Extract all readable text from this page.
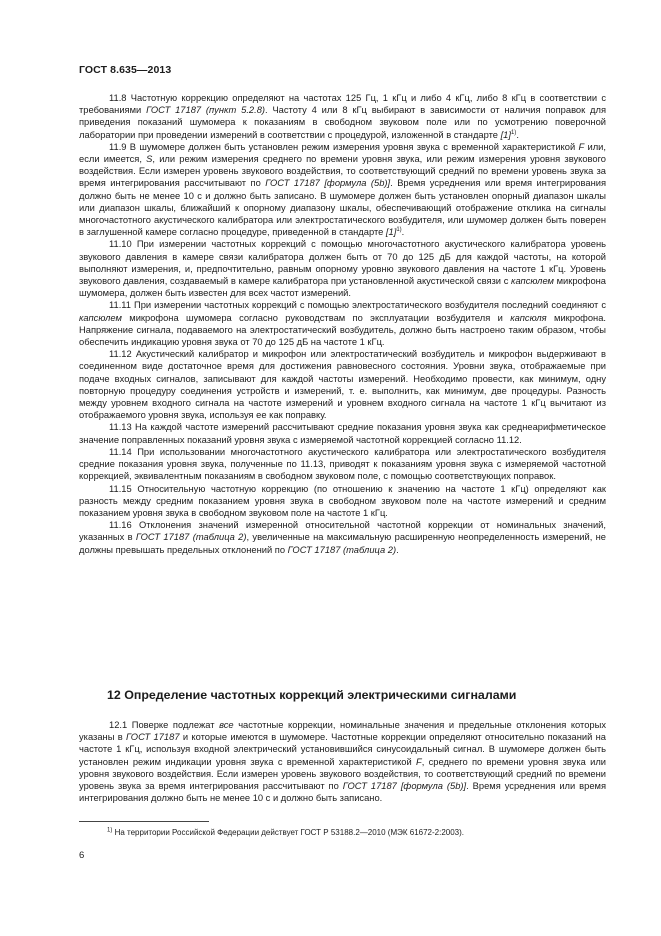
ГОСТ 8.635—2013

11.8 Частотную коррекцию определяют на частотах 125 Гц, 1 кГц и либо 4 кГц, либо 8 кГц в соответствии с требованиями ГОСТ 17187 (пункт 5.2.8). Частоту 4 или 8 кГц выбирают в зависимости от наличия поправок для приведения показаний шумомера к показаниям в свободном звуковом поле или по усмотрению поверочной лаборатории при проведении измерений в соответствии с процедурой, изложенной в стандарте $[1]^{1)}$.

11.9 В шумомере должен быть установлен режим измерения уровня звука с временной характеристикой F или, если имеется, S, или режим измерения среднего по времени уровня звука, или режим измерения уровня звукового воздействия. Если измерен уровень звукового воздействия, то соответствующий средний по времени уровень звука за время интегрирования рассчитывают по ГОСТ 17187 [формула (5b)]. Время усреднения или время интегрирования должно быть не менее 10 с и должно быть записано. В шумомере должен быть установлен опорный диапазон шкалы или диапазон шкалы, ближайший к опорному диапазону шкалы, обеспечивающий отображение отклика на сигналы многочастотного акустического калибратора или электростатического возбудителя, или шумомер должен быть поверен в заглушенной камере согласно процедуре, приведенной в стандарте $[1]^{1)}$.

11.10 При измерении частотных коррекций с помощью многочастотного акустического калибратора уровень звукового давления в камере связи калибратора должен быть от 70 до 125 дБ для каждой частоты, на которой выполняют измерения, и, предпочтительно, равным опорному уровню звукового давления на частоте 1 кГц. Уровень звукового давления, создаваемый в камере калибратора при установленной акустической связи с капсюлем микрофона шумомера, должен быть известен для всех частот измерений.

11.11 При измерении частотных коррекций с помощью электростатического возбудителя последний соединяют с капсюлем микрофона шумомера согласно руководствам по эксплуатации возбудителя и капсюля микрофона. Напряжение сигнала, подаваемого на электростатический возбудитель, должно быть настроено таким образом, чтобы обеспечить индикацию уровня звука от 70 до 125 дБ на частоте 1 кГц.

11.12 Акустический калибратор и микрофон или электростатический возбудитель и микрофон выдерживают в соединенном виде достаточное время для достижения равновесного состояния. Уровни звука, отображаемые при подаче входных сигналов, записывают для каждой частоты измерений. Необходимо провести, как минимум, одну повторную процедуру соединения устройств и измерений, т. е. выполнить, как минимум, две процедуры. Разность между уровнем входного сигнала на частоте измерений и уровнем входного сигнала на частоте 1 кГц вычитают из отображаемого уровня звука, используя ее как поправку.

11.13 На каждой частоте измерений рассчитывают средние показания уровня звука как среднеарифметическое значение поправленных показаний уровня звука с измеряемой частотной коррекцией согласно 11.12.

11.14 При использовании многочастотного акустического калибратора или электростатического возбудителя средние показания уровня звука, полученные по 11.13, приводят к показаниям уровня звука с измеряемой частотной коррекцией, эквивалентным показаниям в свободном звуковом поле, с помощью соответствующих поправок.

11.15 Относительную частотную коррекцию (по отношению к значению на частоте 1 кГц) определяют как разность между средним показанием уровня звука в свободном звуковом поле на частоте измерений и средним показанием уровня звука в свободном звуковом поле на частоте 1 кГц.

11.16 Отклонения значений измеренной относительной частотной коррекции от номинальных значений, указанных в ГОСТ 17187 (таблица 2), увеличенные на максимальную расширенную неопределенность измерений, не должны превышать предельных отклонений по ГОСТ 17187 (таблица 2).

12 Определение частотных коррекций электрическими сигналами

12.1 Поверке подлежат все частотные коррекции, номинальные значения и предельные отклонения которых указаны в ГОСТ 17187 и которые имеются в шумомере. Частотные коррекции определяют относительно показаний на частоте 1 кГц, используя входной электрический установившийся синусоидальный сигнал. В шумомере должен быть установлен режим индикации уровня звука с временной характеристикой F, среднего по времени уровня звука или уровня звукового воздействия. Если измерен уровень звукового воздействия, то соответствующий средний по времени уровень звука за время интегрирования рассчитывают по ГОСТ 17187 [формула (5b)]. Время усреднения или время интегрирования должно быть не менее 10 с и должно быть записано.

$^{1)}$ На территории Российской Федерации действует ГОСТ Р 53188.2—2010 (МЭК 61672-2:2003).
6
